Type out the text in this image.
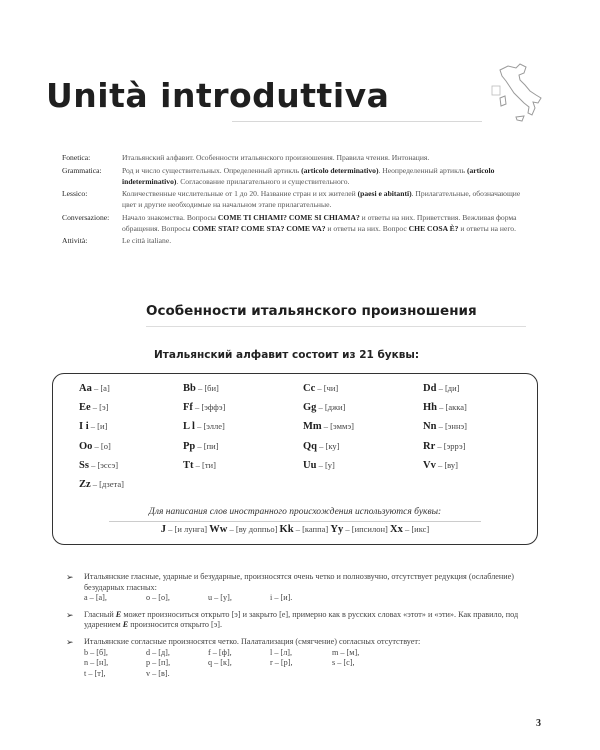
Unità introduttiva
Fonetica:	Итальянский алфавит. Особенности итальянского произношения. Правила чтения. Интонация.
Grammatica:	Род и число существительных. Определенный артикль (articolo determinativo). Неопределенный артикль (articolo indeterminativo). Согласование прилагательного и существительного.
Lessico:	Количественные числительные от 1 до 20. Название стран и их жителей (paesi e abitanti). Прилагательные, обозначающие цвет и другие необходимые на начальном этапе прилагательные.
Conversazione:	Начало знакомства. Вопросы COME TI CHIAMI? COME SI CHIAMA? и ответы на них. Приветствия. Вежливая форма обращения. Вопросы COME STAI? COME STA? COME VA? и ответы на них. Вопрос CHE COSA È? и ответы на него.
Attività:	Le città italiane.
Особенности итальянского произношения
Итальянский алфавит состоит из 21 буквы:
Aa – [а]	Bb – [би]	Cc – [чи]	Dd – [ди]
Ee – [э]	Ff – [эффэ]	Gg – [джи]	Hh – [акка]
I i – [и]	L l – [элле]	Mm – [эммэ]	Nn – [эннэ]
Oo – [о]	Pp – [пи]	Qq – [ку]	Rr – [эррэ]
Ss – [эссэ]	Tt – [ти]	Uu – [у]	Vv – [ву]
Zz – [дзета]
Для написания слов иностранного происхождения используются буквы:
J – [и лунга] Ww – [ву доппьо] Kk – [каппа] Yy – [ипсилон] Xx – [икс]
➢ Итальянские гласные, ударные и безударные, произносятся очень четко и полнозвучно, отсутствует редукция (ослабление) безударных гласных:
a – [a],	o – [o],	u – [y],	i – [и].
➢ Гласный E может произноситься открыто [э] и закрыто [е], примерно как в русских словах «этот» и «эти». Как правило, под ударением E произносится открыто [э].
➢ Итальянские согласные произносятся четко. Палатализация (смягчение) согласных отсутствует:
b – [б],	d – [д],	f – [ф],	l – [л],	m – [м],
n – [н],	p – [п],	q – [к],	r – [р],	s – [с],
t – [т],	v – [в].
3
